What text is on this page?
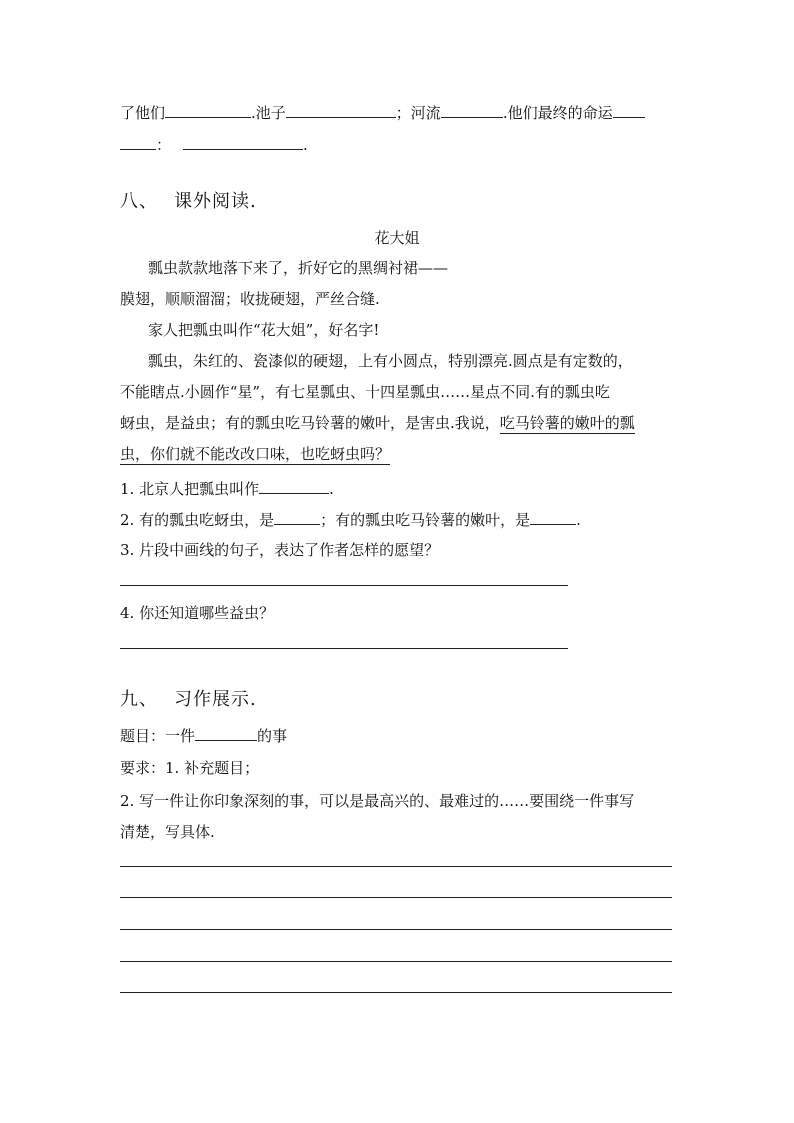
了他们	.池子	；河流	.他们最终的命运
：	.
八、 课外阅读.
花大姐
瓢虫款款地落下来了，折好它的黑绸衬裙——
膜翅，顺顺溜溜；收拢硬翅，严丝合缝.
家人把瓢虫叫作“花大姐”，好名字!
瓢虫，朱红的、瓷漆似的硬翅，上有小圆点，特别漂亮.圆点是有定数的，
不能瞎点.小圆作“星”，有七星瓢虫、十四星瓢虫……星点不同.有的瓢虫吃
蚜虫，是益虫；有的瓢虫吃马铃薯的嫩叶，是害虫.我说，吃马铃薯的嫩叶的瓢
虫，你们就不能改改口味，也吃蚜虫吗？
1. 北京人把瓢虫叫作	.
2. 有的瓢虫吃蚜虫，是	；有的瓢虫吃马铃薯的嫩叶，是	.
3. 片段中画线的句子，表达了作者怎样的愿望？
4. 你还知道哪些益虫？
九、 习作展示.
题目：一件	的事
要求：1. 补充题目；
2. 写一件让你印象深刻的事，可以是最高兴的、最难过的……要围绕一件事写
清楚，写具体.
